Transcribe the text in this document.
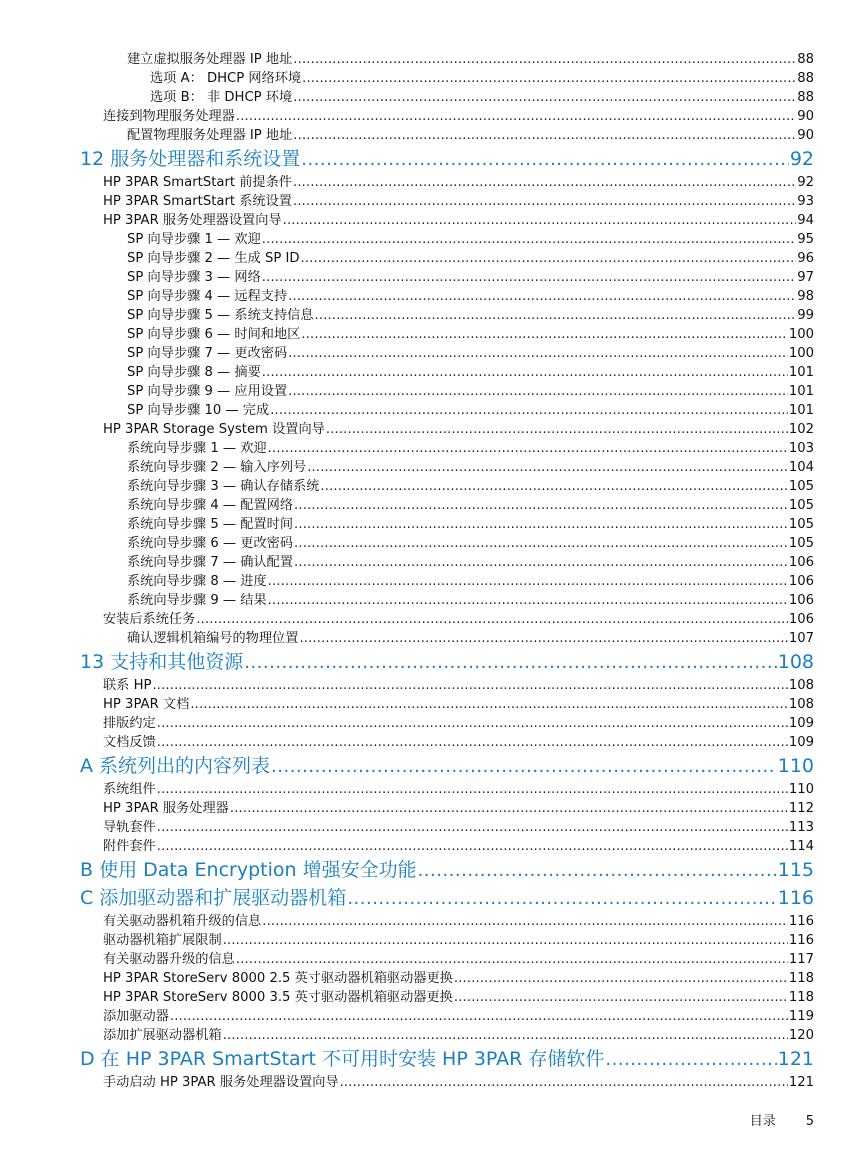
建立虚拟服务处理器 IP 地址 .....	88
选项 A： DHCP 网络环境 .....	88
选项 B： 非 DHCP 环境 .....	88
连接到物理服务处理器 .....	90
配置物理服务处理器 IP 地址 .....	90
12 服务处理器和系统设置 .....	92
HP 3PAR SmartStart 前提条件 .....	92
HP 3PAR SmartStart 系统设置 .....	93
HP 3PAR 服务处理器设置向导 .....	94
SP 向导步骤 1 — 欢迎 .....	95
SP 向导步骤 2 — 生成 SP ID .....	96
SP 向导步骤 3 — 网络 .....	97
SP 向导步骤 4 — 远程支持 .....	98
SP 向导步骤 5 — 系统支持信息 .....	99
SP 向导步骤 6 — 时间和地区 .....	100
SP 向导步骤 7 — 更改密码 .....	100
SP 向导步骤 8 — 摘要 .....	101
SP 向导步骤 9 — 应用设置 .....	101
SP 向导步骤 10 — 完成 .....	101
HP 3PAR Storage System 设置向导 .....	102
系统向导步骤 1 — 欢迎 .....	103
系统向导步骤 2 — 输入序列号 .....	104
系统向导步骤 3 — 确认存储系统 .....	105
系统向导步骤 4 — 配置网络 .....	105
系统向导步骤 5 — 配置时间 .....	105
系统向导步骤 6 — 更改密码 .....	105
系统向导步骤 7 — 确认配置 .....	106
系统向导步骤 8 — 进度 .....	106
系统向导步骤 9 — 结果 .....	106
安装后系统任务 .....	106
确认逻辑机箱编号的物理位置 .....	107
13 支持和其他资源 .....	108
联系 HP .....	108
HP 3PAR 文档 .....	108
排版约定 .....	109
文档反馈 .....	109
A 系统列出的内容列表 .....	110
系统组件 .....	110
HP 3PAR 服务处理器 .....	112
导轨套件 .....	113
附件套件 .....	114
B 使用 Data Encryption 增强安全功能 .....	115
C 添加驱动器和扩展驱动器机箱 .....	116
有关驱动器机箱升级的信息 .....	116
驱动器机箱扩展限制 .....	116
有关驱动器升级的信息 .....	117
HP 3PAR StoreServ 8000 2.5 英寸驱动器机箱驱动器更换 .....	118
HP 3PAR StoreServ 8000 3.5 英寸驱动器机箱驱动器更换 .....	118
添加驱动器 .....	119
添加扩展驱动器机箱 .....	120
D 在 HP 3PAR SmartStart 不可用时安装 HP 3PAR 存储软件 .....	121
手动启动 HP 3PAR 服务处理器设置向导 .....	121
目录 5
